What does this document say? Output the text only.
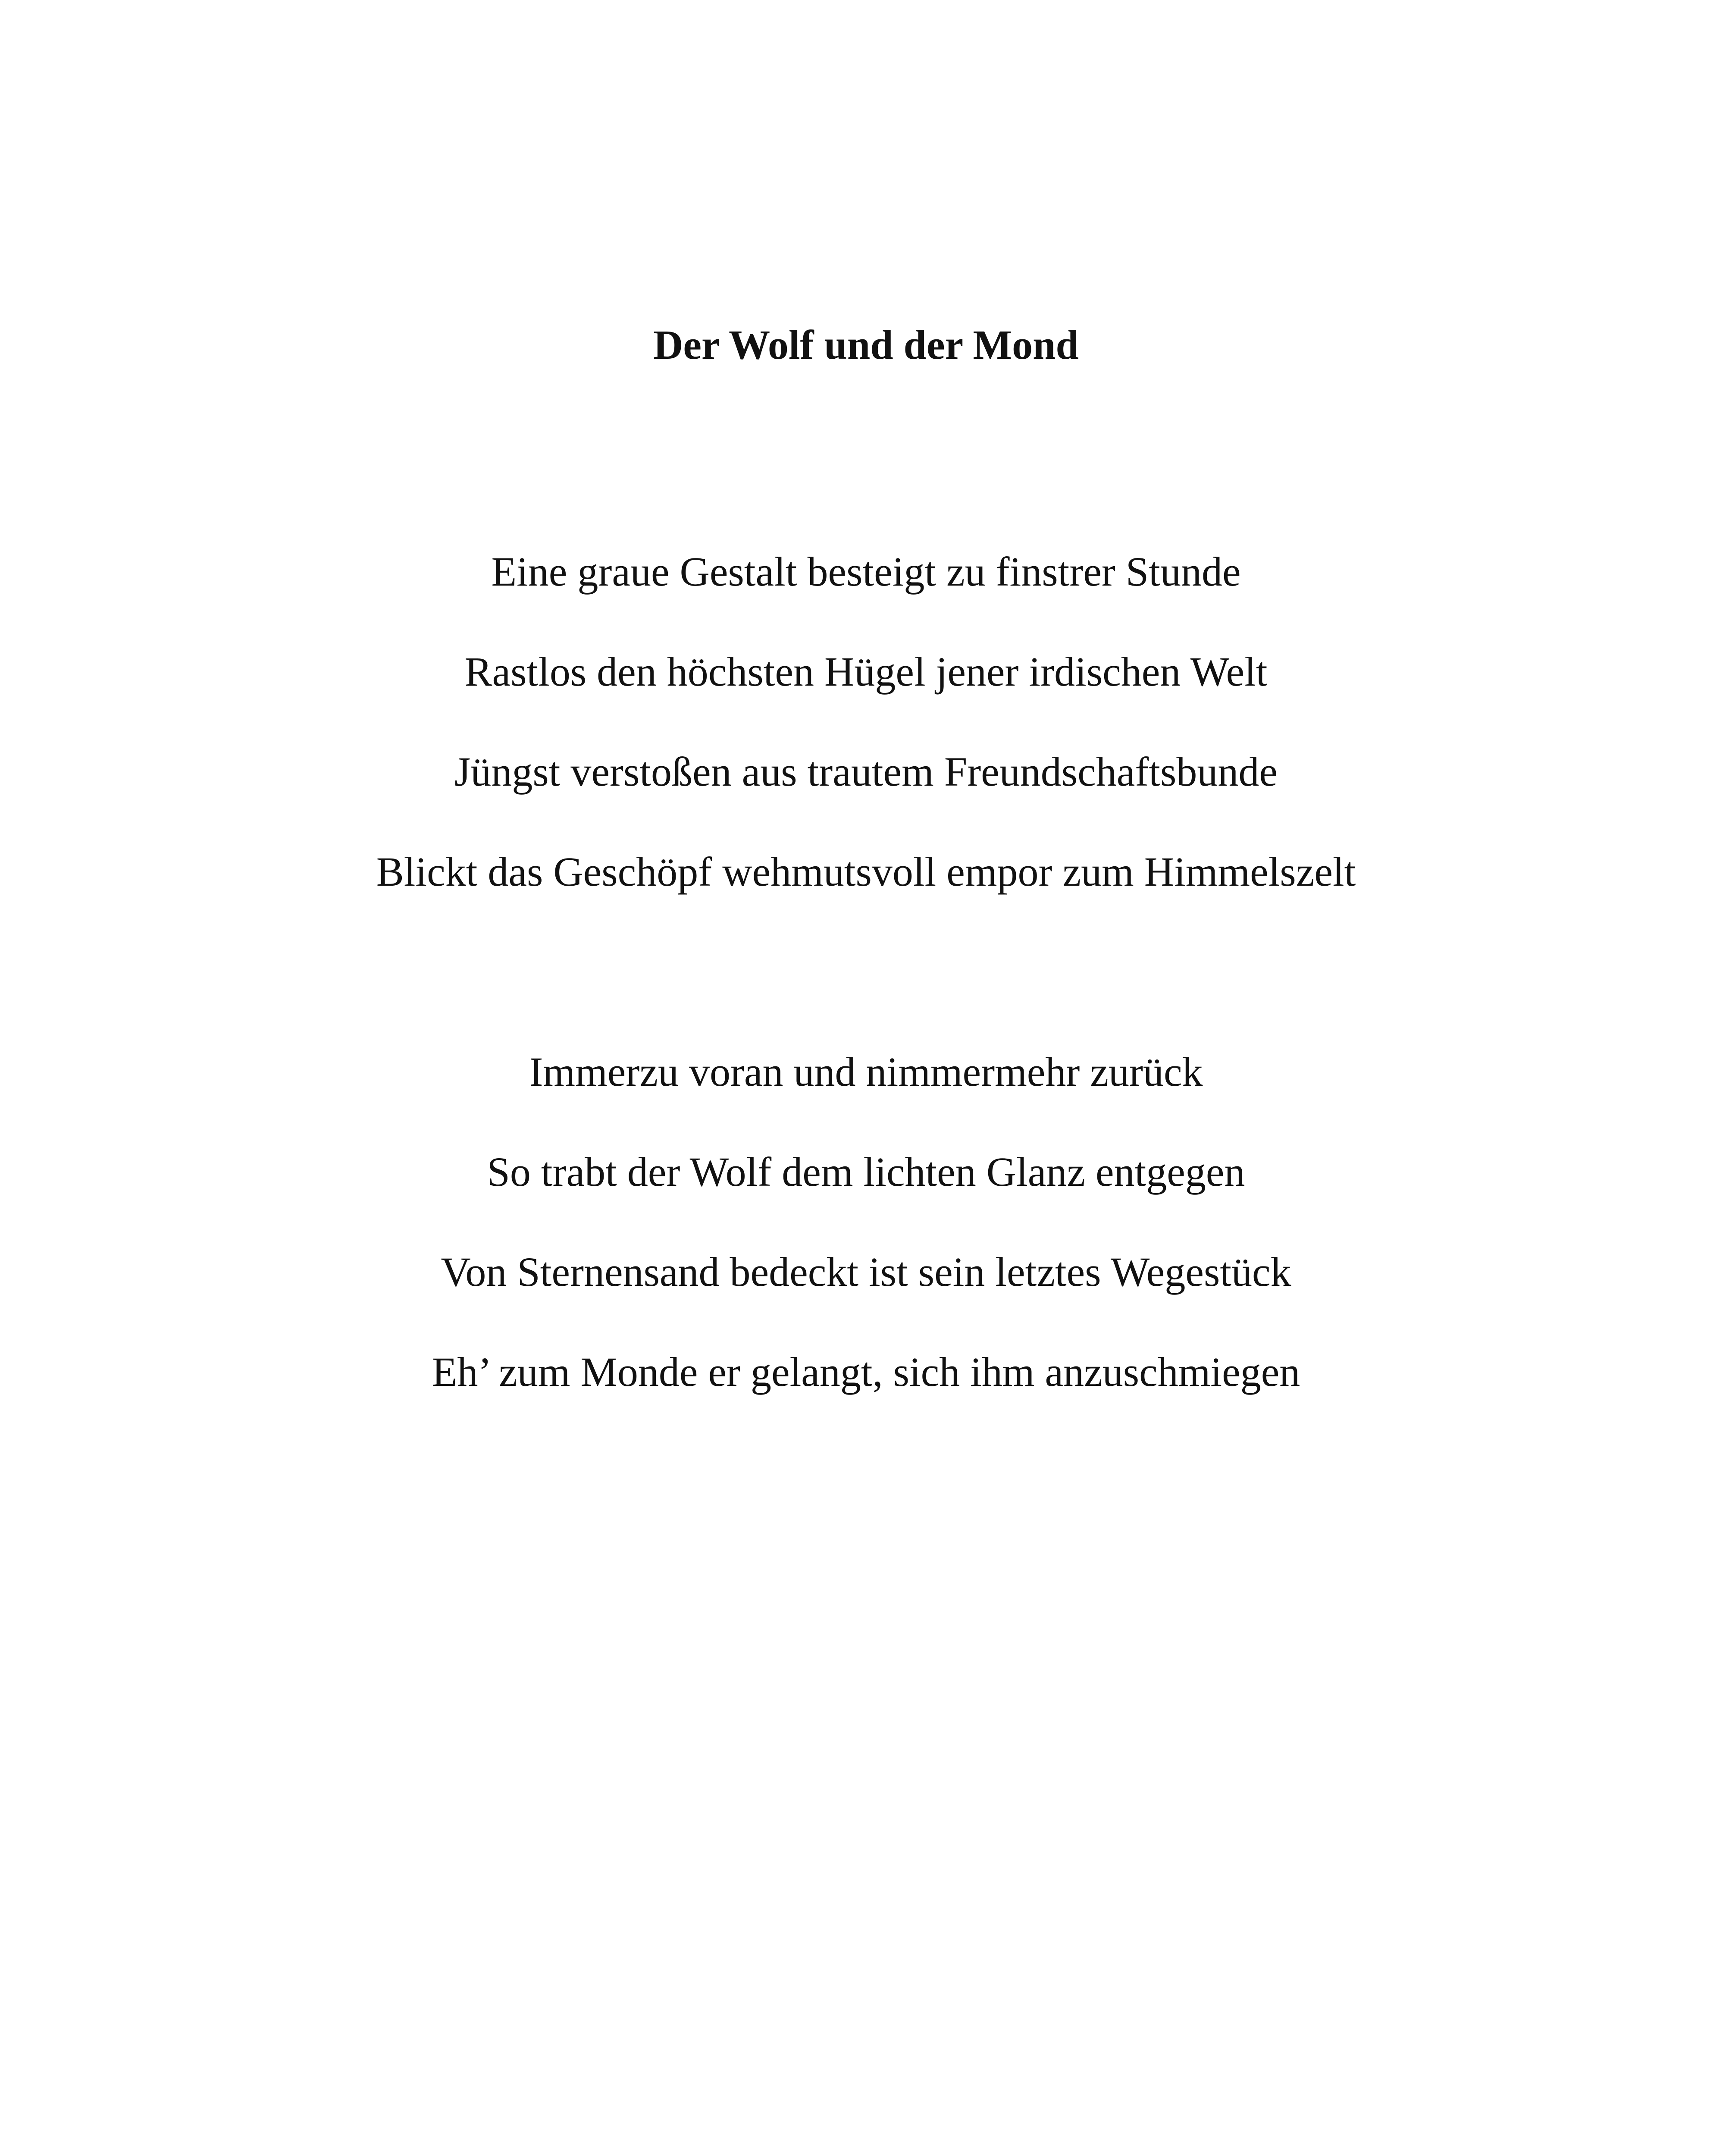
Der Wolf und der Mond
Eine graue Gestalt besteigt zu finstrer Stunde
Rastlos den höchsten Hügel jener irdischen Welt
Jüngst verstoßen aus trautem Freundschaftsbunde
Blickt das Geschöpf wehmutsvoll empor zum Himmelszelt
Immerzu voran und nimmermehr zurück
So trabt der Wolf dem lichten Glanz entgegen
Von Sternensand bedeckt ist sein letztes Wegestück
Eh’ zum Monde er gelangt, sich ihm anzuschmiegen
